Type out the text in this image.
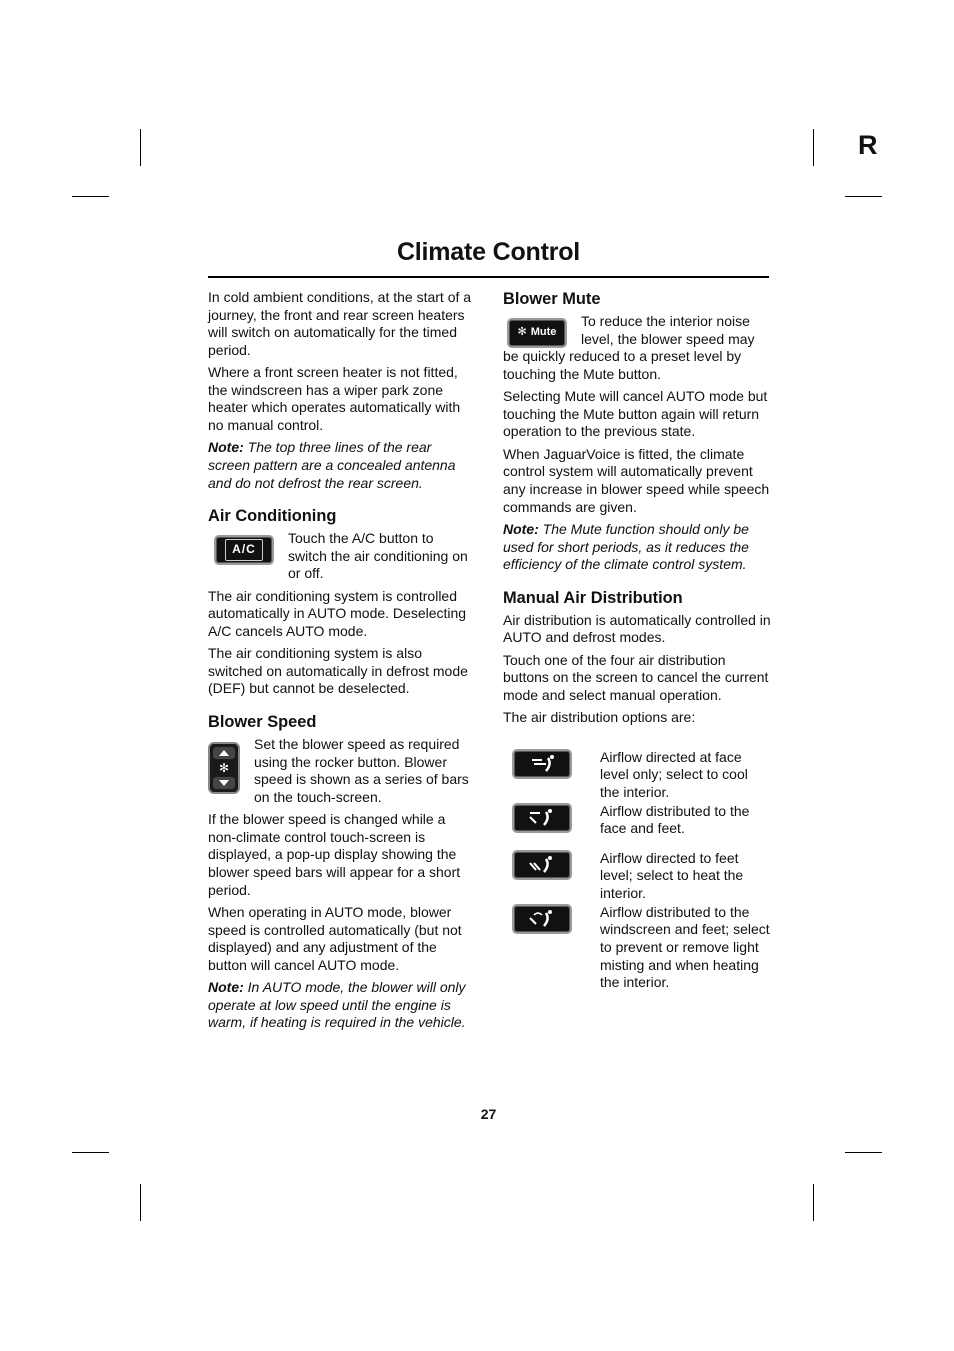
R
Climate Control

In cold ambient conditions, at the start of a journey, the front and rear screen heaters will switch on automatically for the timed period.

Where a front screen heater is not fitted, the windscreen has a wiper park zone heater which operates automatically with no manual control.

Note: The top three lines of the rear screen pattern are a concealed antenna and do not defrost the rear screen.

Air Conditioning
A/C
Touch the A/C button to switch the air conditioning on or off.

The air conditioning system is controlled automatically in AUTO mode. Deselecting A/C cancels AUTO mode.

The air conditioning system is also switched on automatically in defrost mode (DEF) but cannot be deselected.

Blower Speed
✻
Set the blower speed as required using the rocker button. Blower speed is shown as a series of bars on the touch-screen.

If the blower speed is changed while a non-climate control touch-screen is displayed, a pop-up display showing the blower speed bars will appear for a short period.

When operating in AUTO mode, blower speed is controlled automatically (but not displayed) and any adjustment of the button will cancel AUTO mode.

Note: In AUTO mode, the blower will only operate at low speed until the engine is warm, if heating is required in the vehicle.

Blower Mute
✻ Mute
To reduce the interior noise level, the blower speed may be quickly reduced to a preset level by touching the Mute button.

Selecting Mute will cancel AUTO mode but touching the Mute button again will return operation to the previous state.

When JaguarVoice is fitted, the climate control system will automatically prevent any increase in blower speed while speech commands are given.

Note: The Mute function should only be used for short periods, as it reduces the efficiency of the climate control system.

Manual Air Distribution

Air distribution is automatically controlled in AUTO and defrost modes.

Touch one of the four air distribution buttons on the screen to cancel the current mode and select manual operation.

The air distribution options are:

Airflow directed at face level only; select to cool the interior.
Airflow distributed to the face and feet.
Airflow directed to feet level; select to heat the interior.
Airflow distributed to the windscreen and feet; select to prevent or remove light misting and when heating the interior.
27
